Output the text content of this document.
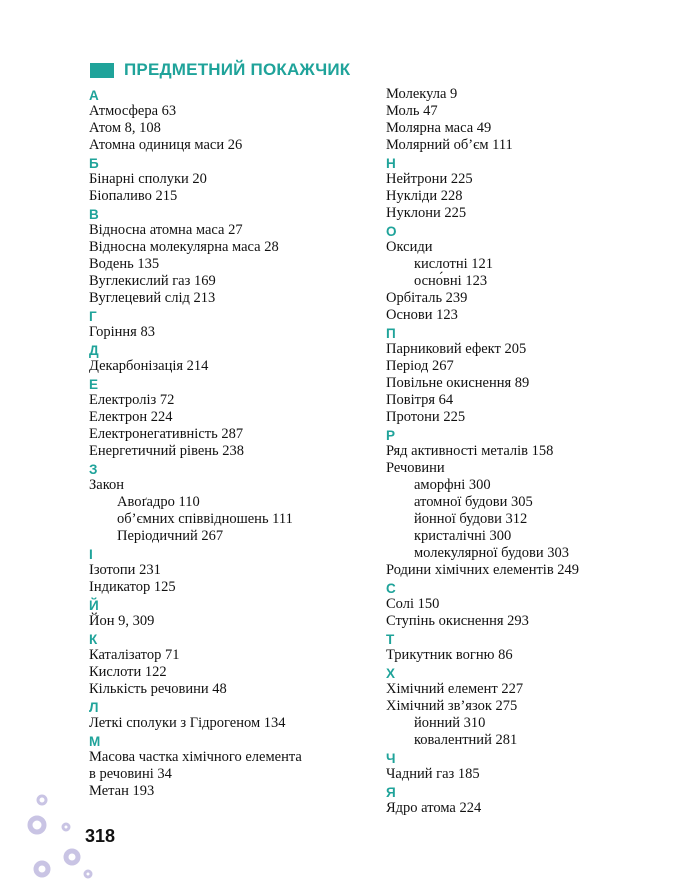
ПРЕДМЕТНИЙ ПОКАЖЧИК
А
Атмосфера 63
Атом 8, 108
Атомна одиниця маси 26
Б
Бінарні сполуки 20
Біопаливо 215
В
Відносна атомна маса 27
Відносна молекулярна маса 28
Водень 135
Вуглекислий газ 169
Вуглецевий слід 213
Г
Горіння 83
Д
Декарбонізація 214
Е
Електроліз 72
Електрон 224
Електронегативність 287
Енергетичний рівень 238
З
Закон
Авоґадро 110
об’ємних співвідношень 111
Періодичний 267
І
Ізотопи 231
Індикатор 125
Й
Йон 9, 309
К
Каталізатор 71
Кислоти 122
Кількість речовини 48
Л
Леткі сполуки з Гідрогеном 134
М
Масова частка хімічного елемента
в речовині 34
Метан 193
Молекула 9
Моль 47
Молярна маса 49
Молярний об’єм 111
Н
Нейтрони 225
Нукліди 228
Нуклони 225
О
Оксиди
кислотні 121
осно́вні 123
Орбіталь 239
Основи 123
П
Парниковий ефект 205
Період 267
Повільне окиснення 89
Повітря 64
Протони 225
Р
Ряд активності металів 158
Речовини
аморфні 300
атомної будови 305
йонної будови 312
кристалічні 300
молекулярної будови 303
Родини хімічних елементів 249
С
Солі 150
Ступінь окиснення 293
Т
Трикутник вогню 86
Х
Хімічний елемент 227
Хімічний зв’язок 275
йонний 310
ковалентний 281
Ч
Чадний газ 185
Я
Ядро атома 224
318
